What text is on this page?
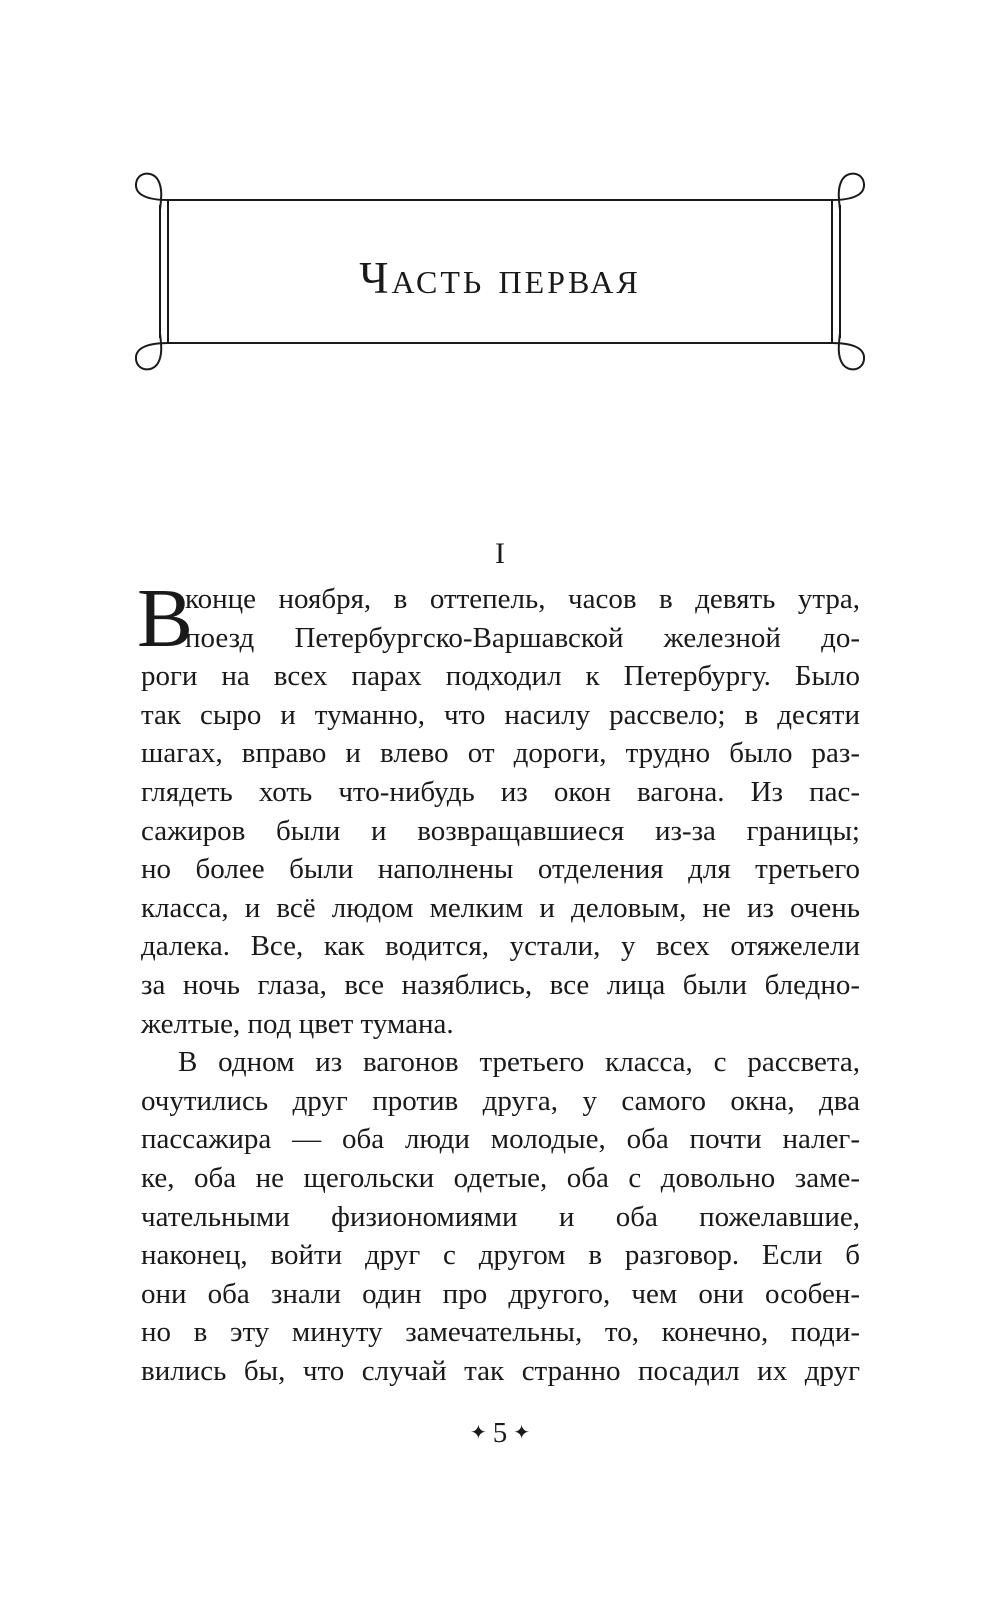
Часть первая
I
В
конце ноября, в оттепель, часов в девять утра,
поезд Петербургско-Варшавской железной до-
роги на всех парах подходил к Петербургу. Было
так сыро и туманно, что насилу рассвело; в десяти
шагах, вправо и влево от дороги, трудно было раз-
глядеть хоть что-нибудь из окон вагона. Из пас-
сажиров были и возвращавшиеся из-за границы;
но более были наполнены отделения для третьего
класса, и всё людом мелким и деловым, не из очень
далека. Все, как водится, устали, у всех отяжелели
за ночь глаза, все назяблись, все лица были бледно-
желтые, под цвет тумана.
В одном из вагонов третьего класса, с рассвета,
очутились друг против друга, у самого окна, два
пассажира — оба люди молодые, оба почти налег-
ке, оба не щегольски одетые, оба с довольно заме-
чательными физиономиями и оба пожелавшие,
наконец, войти друг с другом в разговор. Если б
они оба знали один про другого, чем они особен-
но в эту минуту замечательны, то, конечно, поди-
вились бы, что случай так странно посадил их друг
✦ 5 ✦
